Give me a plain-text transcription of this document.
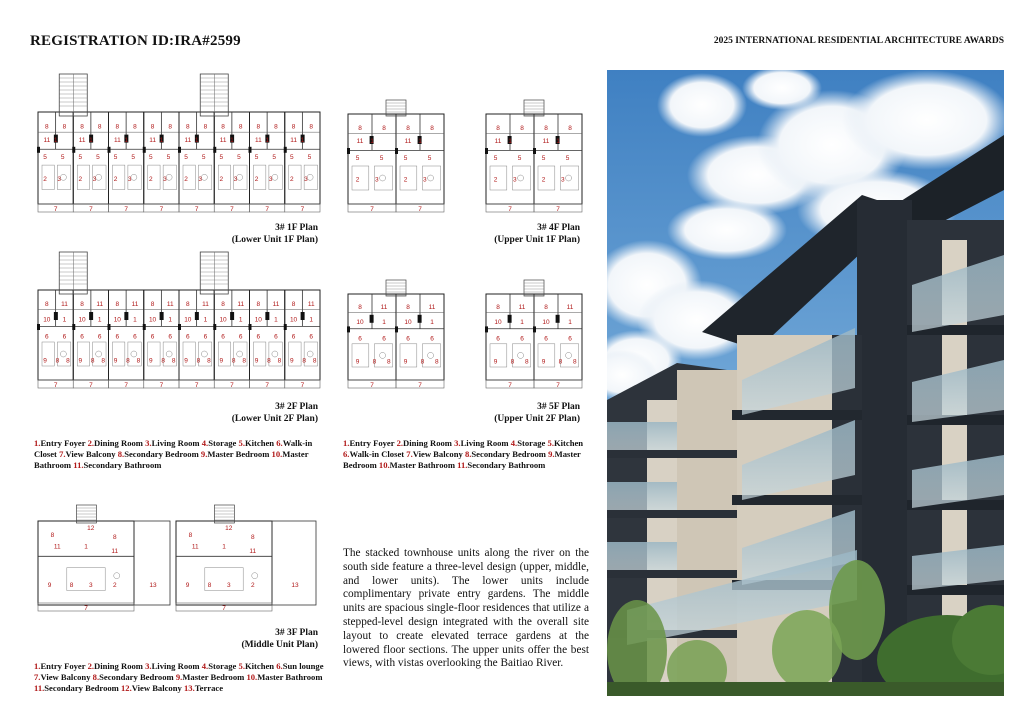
REGISTRATION ID:IRA#2599	2025 INTERNATIONAL RESIDENTIAL ARCHITECTURE AWARDS
8 8
11 1
5 5
2 3
7
8 8
11 1
5 5
2 3
7
8 8
11 1
5 5
2 3
7
8 8
11 1
5 5
2 3
7
8 8
11 1
5 5
2 3
7
8 8
11 1
5 5
2 3
7
8 8
11 1
5 5
2 3
7
8 8
11 1
5 5
2 3
7
3# 1F Plan
(Lower Unit 1F Plan)
8	8
11 1
5	5
2 3
7
8	8
11 1
5	5
2 3
7
8	8
11 1
5	5
2 3
7
8	8
11 1
5	5
2 3
7
3# 4F Plan
(Upper Unit 1F Plan)
8 11
10 1
6 6
9 8 8
7
8 11
10 1
6 6
9 8 8
7
8 11
10 1
6 6
9 8 8
7
8 11
10 1
6 6
9 8 8
7
8 11
10 1
6 6
9 8 8
7
8 11
10 1
6 6
9 8 8
7
8 11
10 1
6 6
9 8 8
7
8 11
10 1
6 6
9 8 8
7
3# 2F Plan
(Lower Unit 2F Plan)
8	11
10	1
6	6
9 8 8
7
8	11
10	1
6	6
9 8 8
7
8	11
10	1
6	6
9 8 8
7
8	11
10	1
6	6
9 8 8
7
3# 5F Plan
(Upper Unit 2F Plan)
1.Entry Foyer 2.Dining Room 3.Living Room 4.Storage 5.Kitchen 6.Walk-in Closet 7.View Balcony 8.Secondary Bedroom 9.Master Bedroom 10.Master Bathroom 11.Secondary Bathroom
1.Entry Foyer 2.Dining Room 3.Living Room 4.Storage 5.Kitchen 6.Walk-in Closet 7.View Balcony 8.Secondary Bedroom 9.Master Bedroom 10.Master Bathroom 11.Secondary Bathroom
8
12
8
11	1
11
9	8 3	2
7
13
8
12
8
11	1
11
9	8 3	2
7
13
3# 3F Plan
(Middle Unit Plan)
1.Entry Foyer 2.Dining Room 3.Living Room 4.Storage 5.Kitchen 6.Sun lounge 7.View Balcony 8.Secondary Bedroom 9.Master Bedroom 10.Master Bathroom 11.Secondary Bedroom 12.View Balcony 13.Terrace
The stacked townhouse units along the river on the south side feature a three-level design (upper, middle, and lower units). The lower units include complimentary private entry gardens. The middle units are spacious single-floor residences that utilize a stepped-level design integrated with the overall site layout to create elevated terrace gardens at the lowered floor sections. The upper units offer the best views, with vistas overlooking the Baitiao River.
